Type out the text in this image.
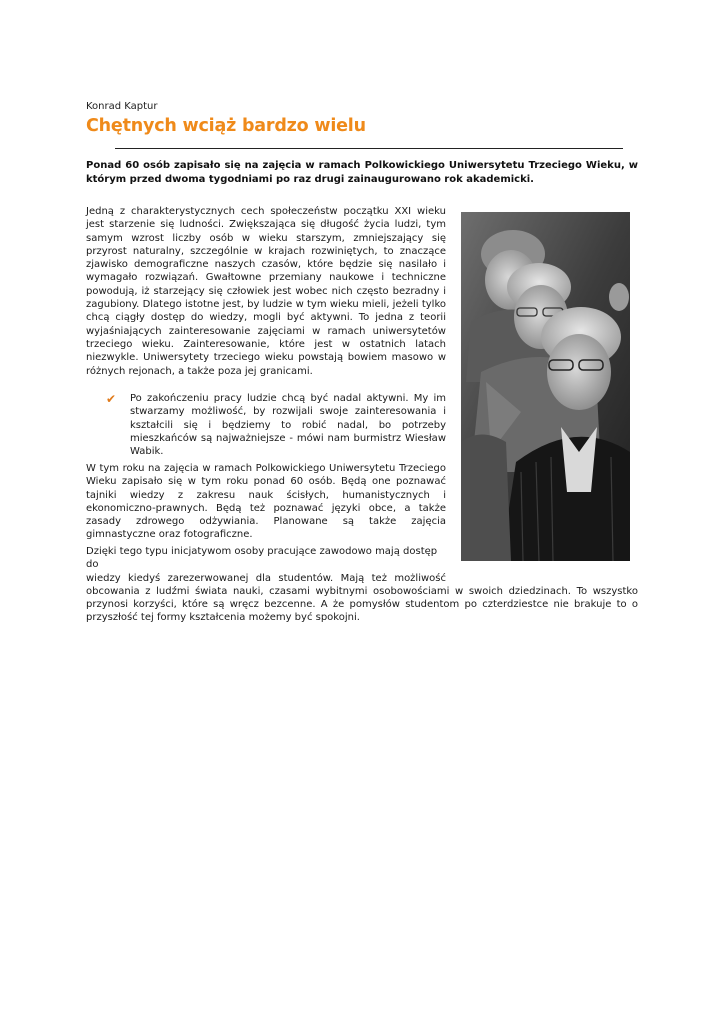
Konrad Kaptur
Chętnych wciąż bardzo wielu

Ponad 60 osób zapisało się na zajęcia w ramach Polkowickiego Uniwersytetu Trzeciego Wieku, w którym przed dwoma tygodniami po raz drugi zainaugurowano rok akademicki.

Jedną z charakterystycznych cech społeczeństw początku XXI wieku jest starzenie się ludności. Zwiększająca się długość życia ludzi, tym samym wzrost liczby osób w wieku starszym, zmniejszający się przyrost naturalny, szczególnie w krajach rozwiniętych, to znaczące zjawisko demograficzne naszych czasów, które będzie się nasilało i wymagało rozwiązań. Gwałtowne przemiany naukowe i techniczne powodują, iż starzejący się człowiek jest wobec nich często bezradny i zagubiony. Dlatego istotne jest, by ludzie w tym wieku mieli, jeżeli tylko chcą ciągły dostęp do wiedzy, mogli być aktywni. To jedna z teorii wyjaśniających zainteresowanie zajęciami w ramach uniwersytetów trzeciego wieku. Zainteresowanie, które jest w ostatnich latach niezwykle. Uniwersytety trzeciego wieku powstają bowiem masowo w różnych rejonach, a także poza jej granicami.

✔ Po zakończeniu pracy ludzie chcą być nadal aktywni. My im stwarzamy możliwość, by rozwijali swoje zainteresowania i kształcili się i będziemy to robić nadal, bo potrzeby mieszkańców są najważniejsze - mówi nam burmistrz Wiesław Wabik.

W tym roku na zajęcia w ramach Polkowickiego Uniwersytetu Trzeciego Wieku zapisało się w tym roku ponad 60 osób. Będą one poznawać tajniki wiedzy z zakresu nauk ścisłych, humanistycznych i ekonomiczno-prawnych. Będą też poznawać języki obce, a także zasady zdrowego odżywiania. Planowane są także zajęcia gimnastyczne oraz fotograficzne.

Dzięki tego typu inicjatywom osoby pracujące zawodowo mają dostęp do

wiedzy kiedyś zarezerwowanej dla studentów. Mają też możliwość

obcowania z ludźmi świata nauki, czasami wybitnymi osobowościami w swoich dziedzinach. To wszystko przynosi korzyści, które są wręcz bezcenne. A że pomysłów studentom po czterdziestce nie brakuje to o przyszłość tej formy kształcenia możemy być spokojni.
